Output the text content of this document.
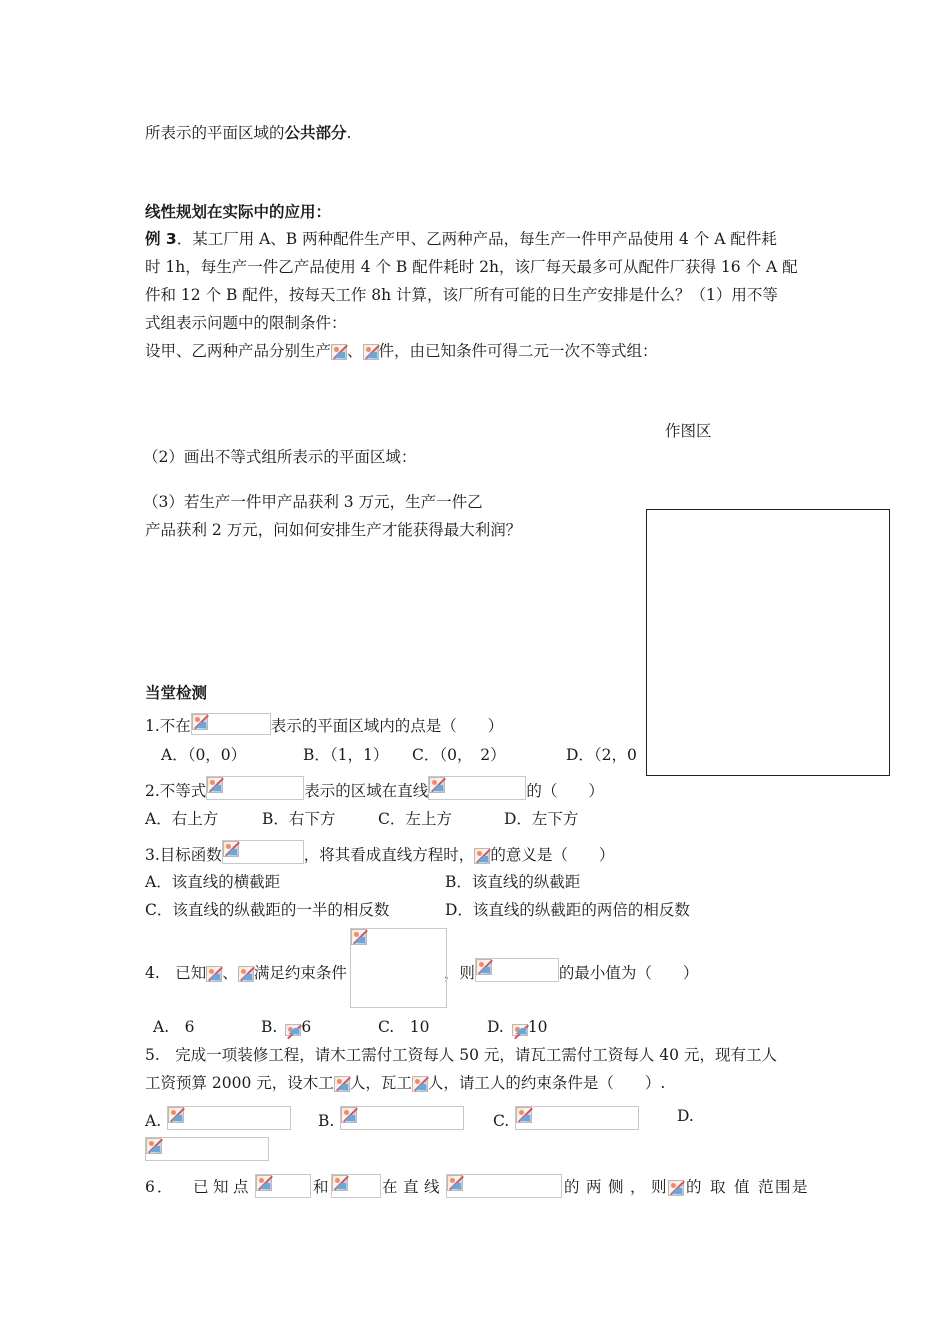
所表示的平面区域的公共部分.
线性规划在实际中的应用：
例 3．某工厂用 A、B 两种配件生产甲、乙两种产品，每生产一件甲产品使用 4 个 A 配件耗
时 1h，每生产一件乙产品使用 4 个 B 配件耗时 2h，该厂每天最多可从配件厂获得 16 个 A 配
件和 12 个 B 配件，按每天工作 8h 计算，该厂所有可能的日生产安排是什么？（1）用不等
式组表示问题中的限制条件：
设甲、乙两种产品分别生产 、 件，由已知条件可得二元一次不等式组：
作图区
（2）画出不等式组所表示的平面区域：
（3）若生产一件甲产品获利 3 万元，生产一件乙
产品获利 2 万元，问如何安排生产才能获得最大利润？
当堂检测
1.不在	表示的平面区域内的点是（　　）
A．（0，0）	B．（1，1） C．（0，　2）	D．（2，0
2.不等式	表示的区域在直线	的（　　）
A．右上方	B．右下方	C．左上方	D．左下方
3.目标函数	，将其看成直线方程时， 的意义是（　　）
A．该直线的横截距	B．该直线的纵截距
C．该直线的纵截距的一半的相反数	D．该直线的纵截距的两倍的相反数
4.　已知 、 满足约束条件	，则	的最小值为（　　）
A.　6	B. 6	C.　10	D. 10
5.　完成一项装修工程，请木工需付工资每人 50 元，请瓦工需付工资每人 40 元，现有工人
工资预算 2000 元，设木工 人，瓦工 人，请工人的约束条件是（　　）.
A.	B.	C.	D.
6 ． 已 知 点	和	在 直 线	的 两 侧 ， 则 的 取 值 范 围 是
